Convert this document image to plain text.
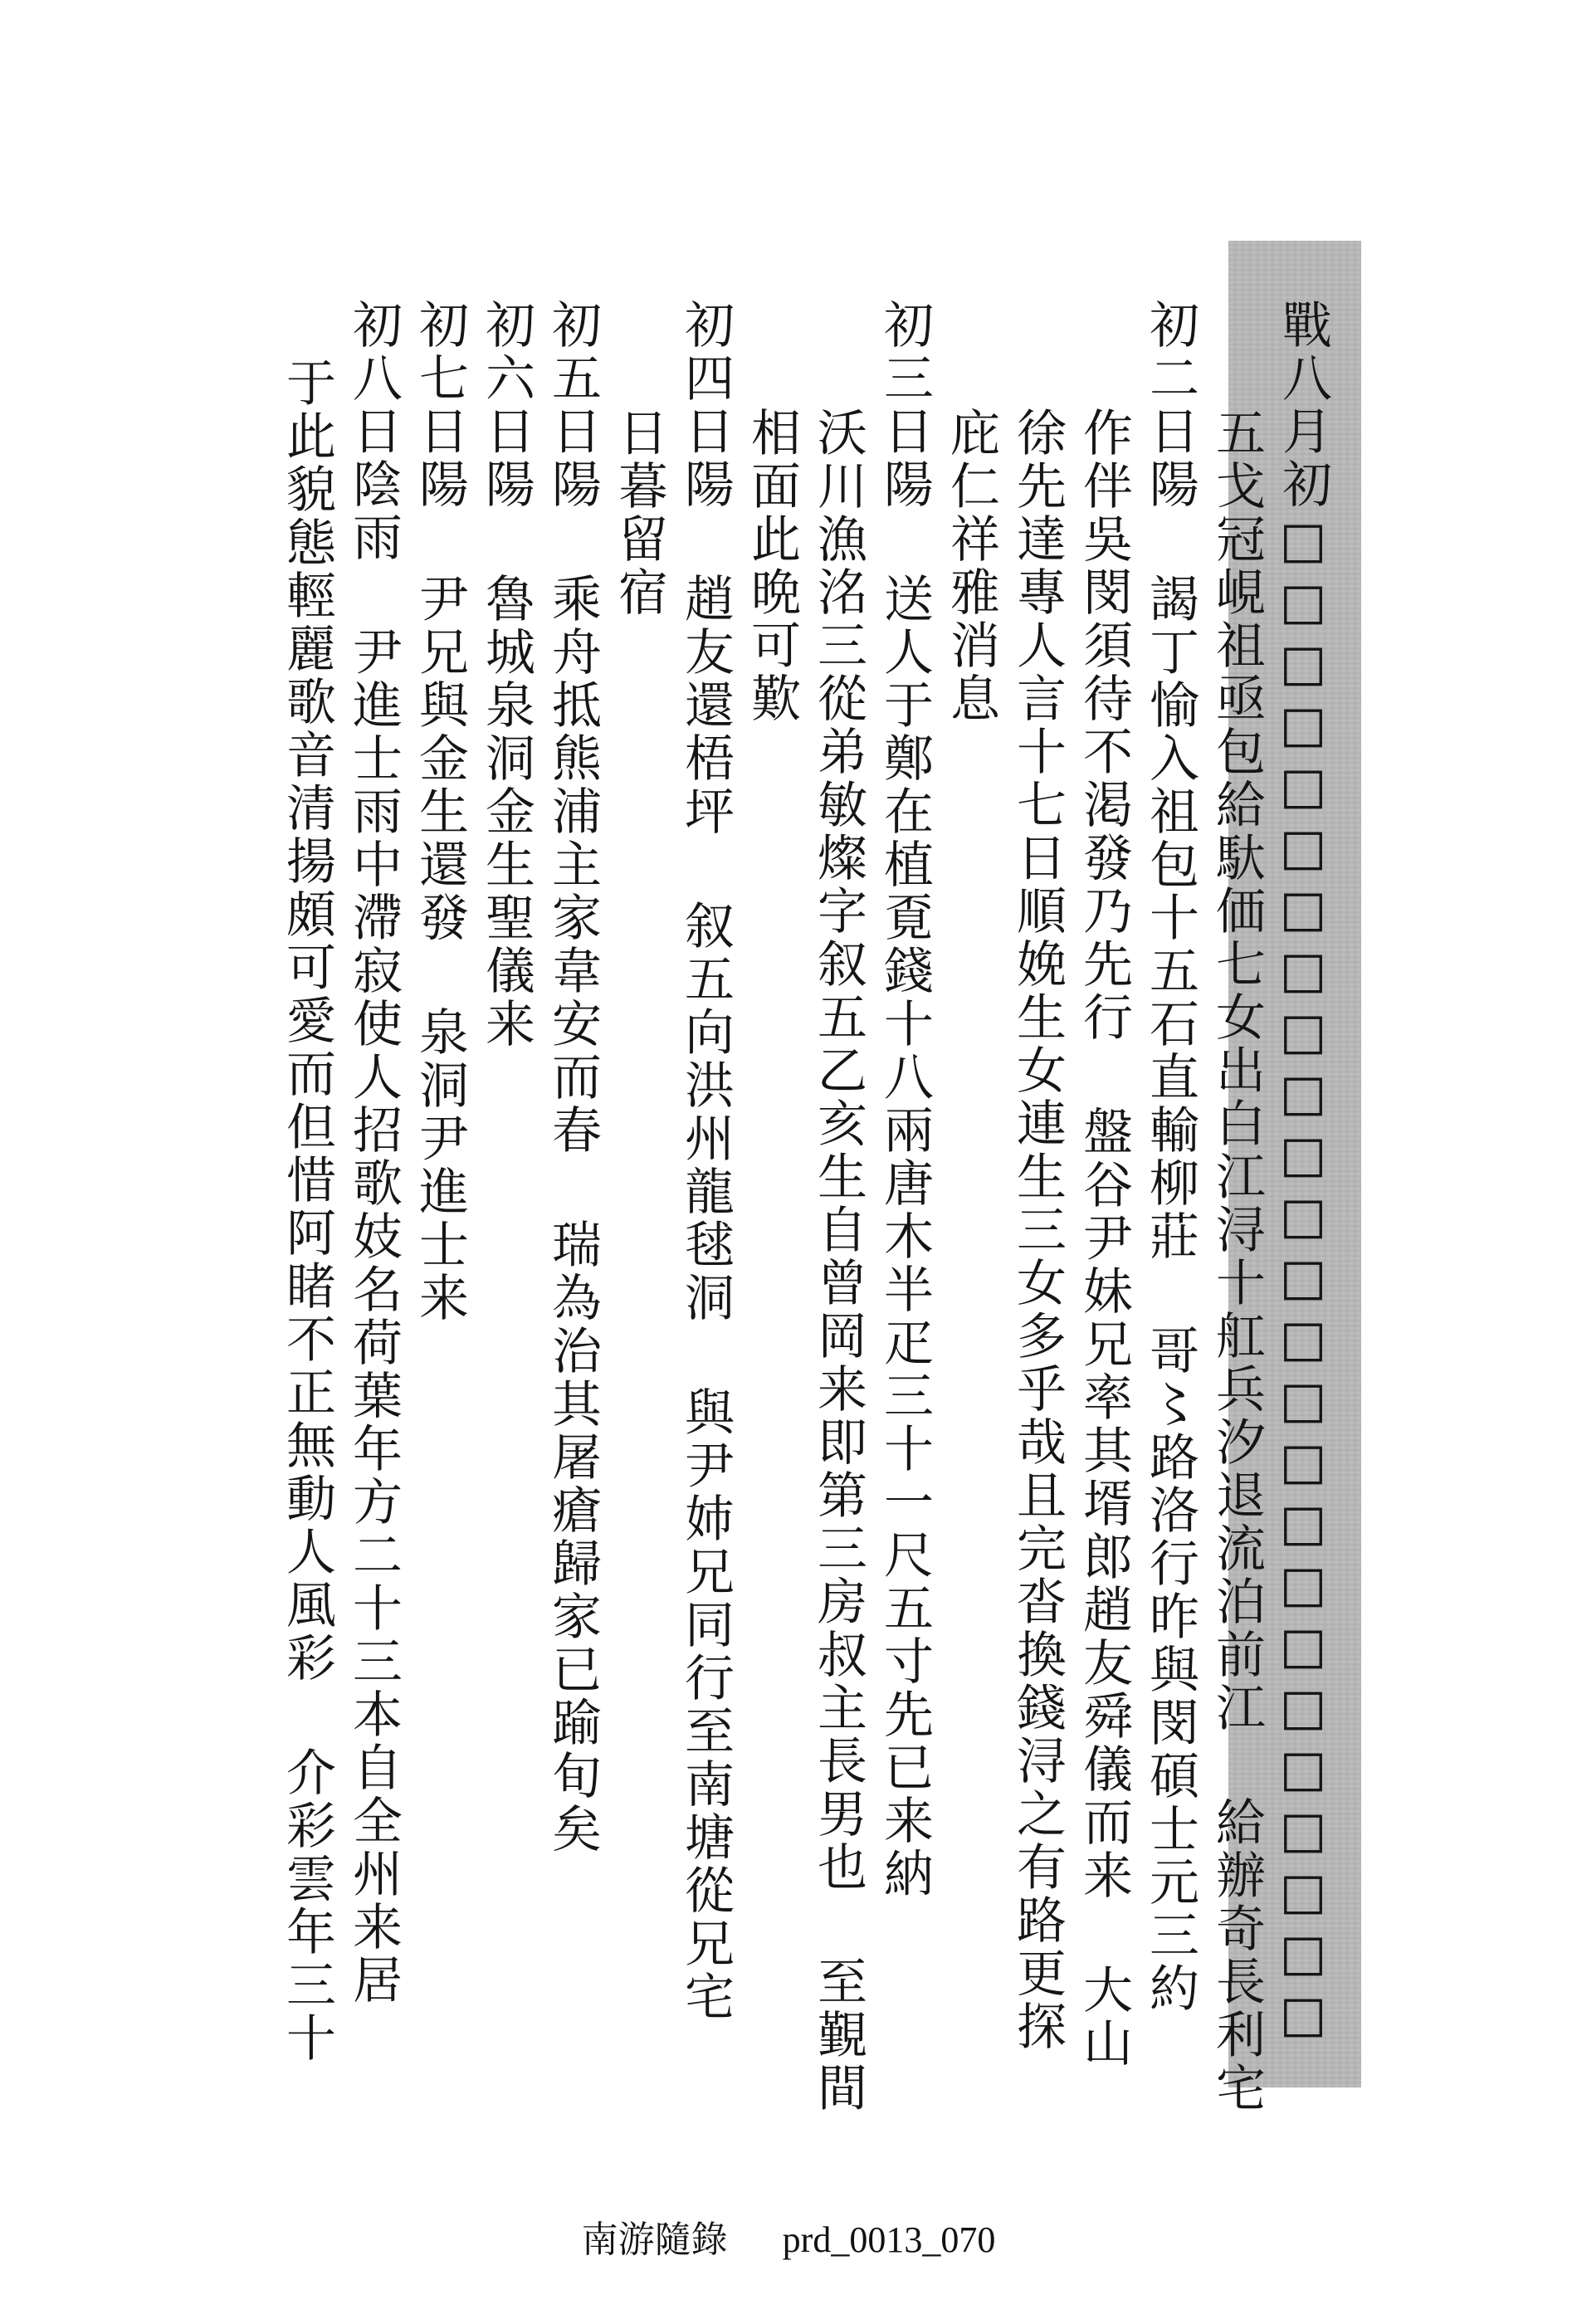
戰八月初□□□□□□□□□□□□□□□□□□□□□□□□□
五戈冠峴祖亟包給馱価七女出白江浔十舡兵汐退流泊前江 給辦奇長利宅
初二日陽 謁丁愉入祖包十五石直輸柳莊 哥〻路洛行昨與閔碩士元三約
作伴吳閔須待不渇發乃先行 盤谷尹妹兄率其壻郎趙友舜儀而来 大山
徐先達專人言十七日順娩生女連生三女多乎哉且完沓換錢浔之有路更探
庇仁祥雅消息
初三日陽 送人于鄭在植覔錢十八兩唐木半疋三十一尺五寸先已来納
沃川漁洺三從弟敏燦字叙五乙亥生自曾岡来即第三房叔主長男也 至覲間
相面此晩可歎
初四日陽 趙友還梧坪 叙五向洪州龍毬洞 與尹姉兄同行至南塘從兄宅
日暮留宿
初五日陽 乘舟抵熊浦主家韋安而春 瑞為治其屠瘡歸家已踰旬矣
初六日陽 魯城泉洞金生聖儀来
初七日陽 尹兄與金生還發 泉洞尹進士来
初八日陰雨 尹進士雨中滯寂使人招歌妓名荷葉年方二十三本自全州来居
于此貌態輕麗歌音清揚頗可愛而但惜阿睹不正無動人風彩 介彩雲年三十
南游隨錄 prd_0013_070
